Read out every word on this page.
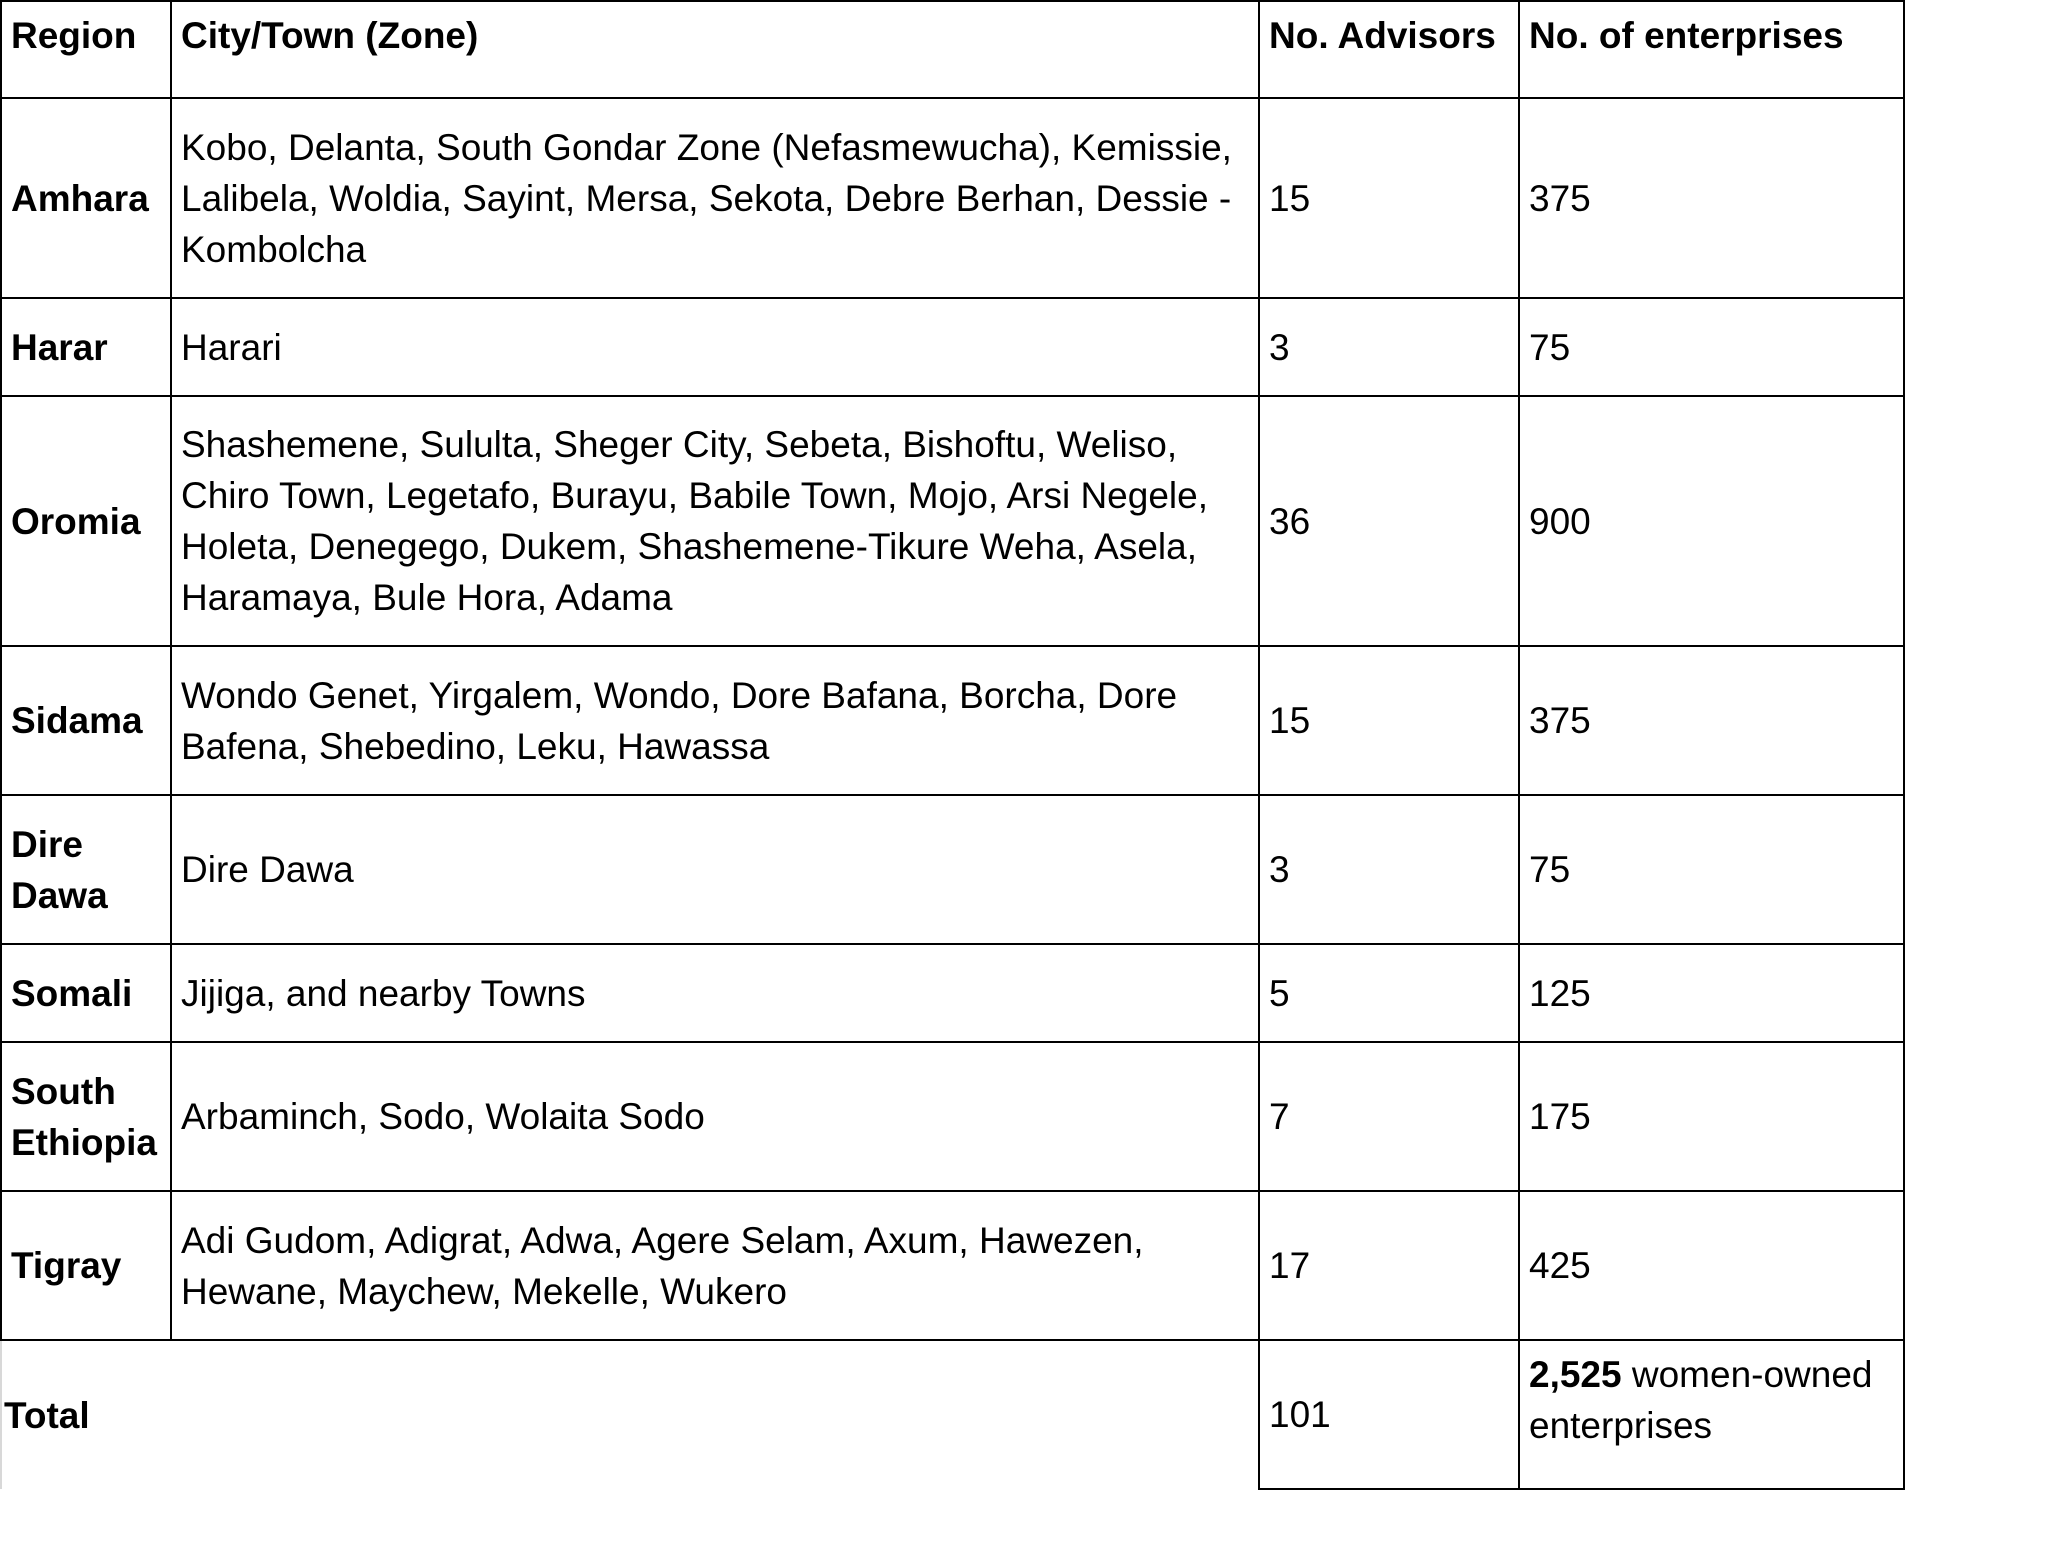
Region	City/Town (Zone)	No. Advisors	No. of enterprises
Amhara	Kobo, Delanta, South Gondar Zone (Nefasmewucha), Kemissie, Lalibela, Woldia, Sayint, Mersa, Sekota, Debre Berhan, Dessie -Kombolcha	15	375
Harar	Harari	3	75
Oromia	Shashemene, Sululta, Sheger City, Sebeta, Bishoftu, Weliso, Chiro Town, Legetafo, Burayu, Babile Town, Mojo, Arsi Negele, Holeta, Denegego, Dukem, Shashemene-Tikure Weha, Asela, Haramaya, Bule Hora, Adama	36	900
Sidama	Wondo Genet, Yirgalem, Wondo, Dore Bafana, Borcha, Dore Bafena, Shebedino, Leku, Hawassa	15	375
Dire Dawa	Dire Dawa	3	75
Somali	Jijiga, and nearby Towns	5	125
South Ethiopia	Arbaminch, Sodo, Wolaita Sodo	7	175
Tigray	Adi Gudom, Adigrat, Adwa, Agere Selam, Axum, Hawezen, Hewane, Maychew, Mekelle, Wukero	17	425
Total		101	2,525 women-owned enterprises
